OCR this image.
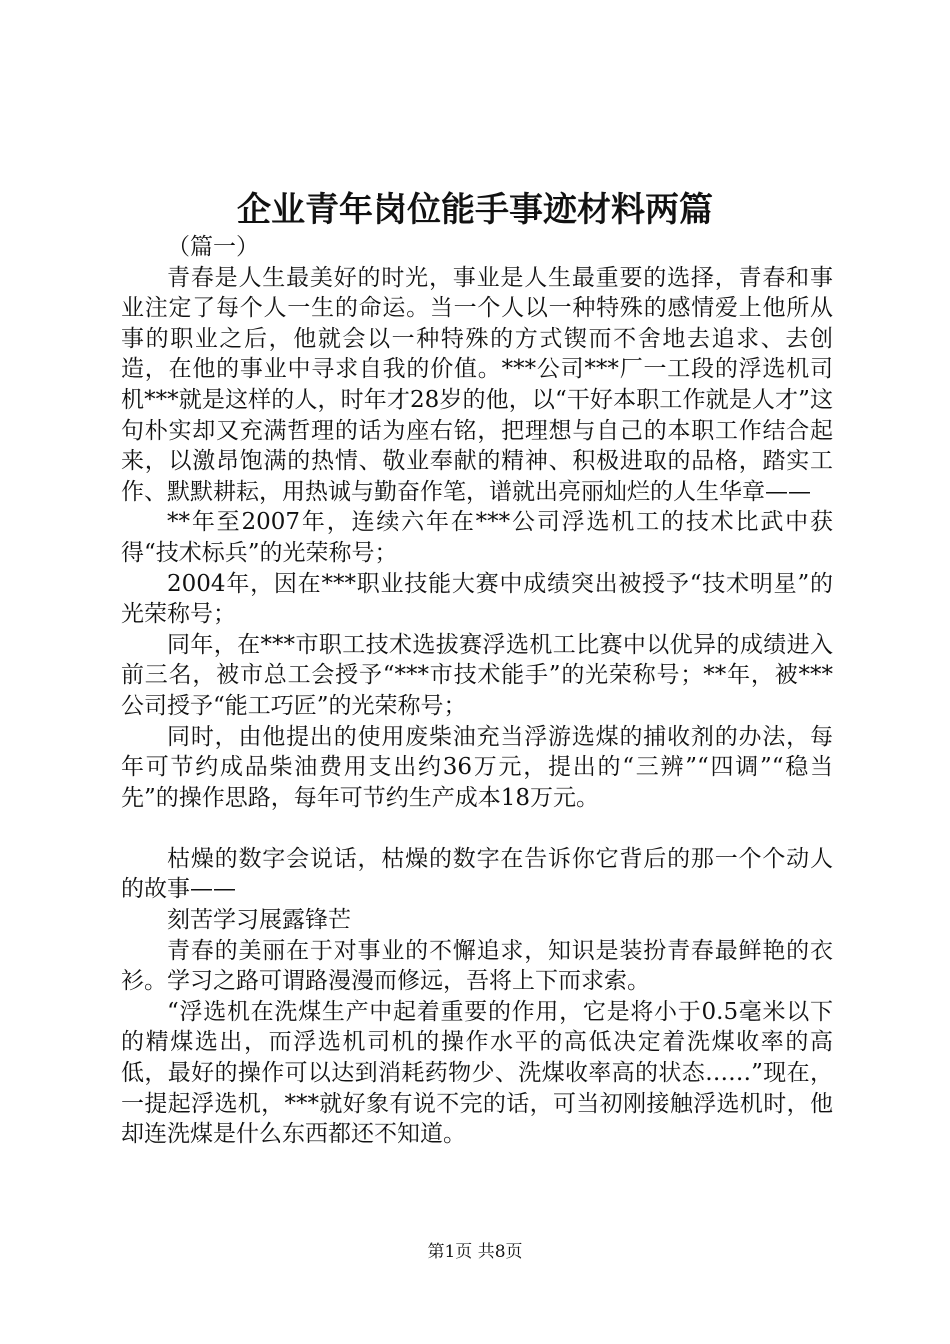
企业青年岗位能手事迹材料两篇

（篇一）

青春是人生最美好的时光，事业是人生最重要的选择，青春和事业注定了每个人一生的命运。当一个人以一种特殊的感情爱上他所从事的职业之后，他就会以一种特殊的方式锲而不舍地去追求、去创造，在他的事业中寻求自我的价值。***公司***厂一工段的浮选机司机***就是这样的人，时年才28岁的他，以“干好本职工作就是人才”这句朴实却又充满哲理的话为座右铭，把理想与自己的本职工作结合起来，以激昂饱满的热情、敬业奉献的精神、积极进取的品格，踏实工作、默默耕耘，用热诚与勤奋作笔，谱就出亮丽灿烂的人生华章——

**年至2007年，连续六年在***公司浮选机工的技术比武中获得“技术标兵”的光荣称号；

2004年，因在***职业技能大赛中成绩突出被授予“技术明星”的光荣称号；

同年，在***市职工技术选拔赛浮选机工比赛中以优异的成绩进入前三名，被市总工会授予“***市技术能手”的光荣称号；**年，被***公司授予“能工巧匠”的光荣称号；

同时，由他提出的使用废柴油充当浮游选煤的捕收剂的办法，每年可节约成品柴油费用支出约36万元，提出的“三辨”“四调”“稳当先”的操作思路，每年可节约生产成本18万元。

枯燥的数字会说话，枯燥的数字在告诉你它背后的那一个个动人的故事——

刻苦学习展露锋芒

青春的美丽在于对事业的不懈追求，知识是装扮青春最鲜艳的衣衫。学习之路可谓路漫漫而修远，吾将上下而求索。

“浮选机在洗煤生产中起着重要的作用，它是将小于0.5毫米以下的精煤选出，而浮选机司机的操作水平的高低决定着洗煤收率的高低，最好的操作可以达到消耗药物少、洗煤收率高的状态……”现在，一提起浮选机，***就好象有说不完的话，可当初刚接触浮选机时，他却连洗煤是什么东西都还不知道。

第1页 共8页
